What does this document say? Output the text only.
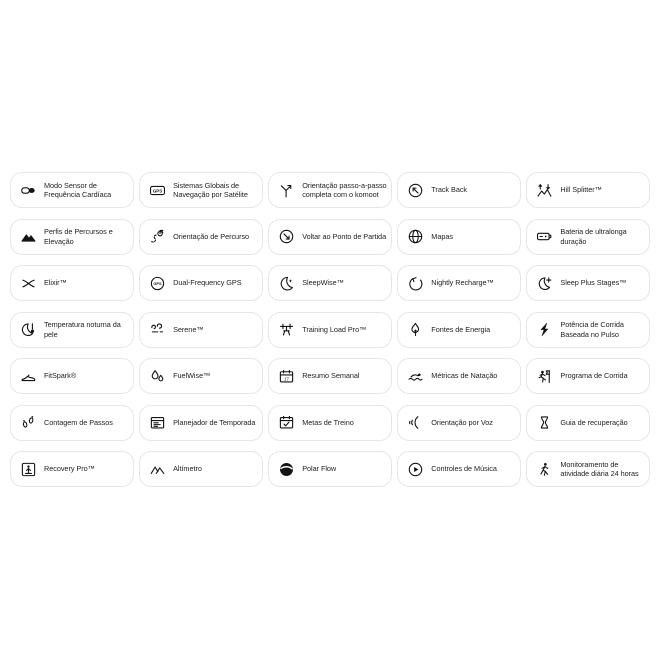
Modo Sensor de Frequência Cardíaca	GPS
Sistemas Globais de Navegação por Satélite
Orientação passo-a-passo completa com o komoot
Track Back	Hill Splitter™
Perfis de Percursos e Elevação
Orientação de Percurso	Voltar ao Ponto de Partida	Mapas
Bateria de ultralonga duração
Elixir™	GPS Dual-Frequency GPS	SleepWise™	Nightly Recharge™	Sleep Plus Stages™
Temperatura noturna da pele
Serene™	Training Load Pro™	Fontes de Energia
Potência de Corrida Baseada no Pulso
FitSpark®	FuelWise™	17 Resumo Semanal	Métricas de Natação	Programa de Corrida
Contagem de Passos	Planejador de Temporada	Metas de Treino	Orientação por Voz	Guia de recuperação
Recovery Pro™	Altímetro	Polar Flow	Controles de Música
Monitoramento de atividade diária 24 horas
